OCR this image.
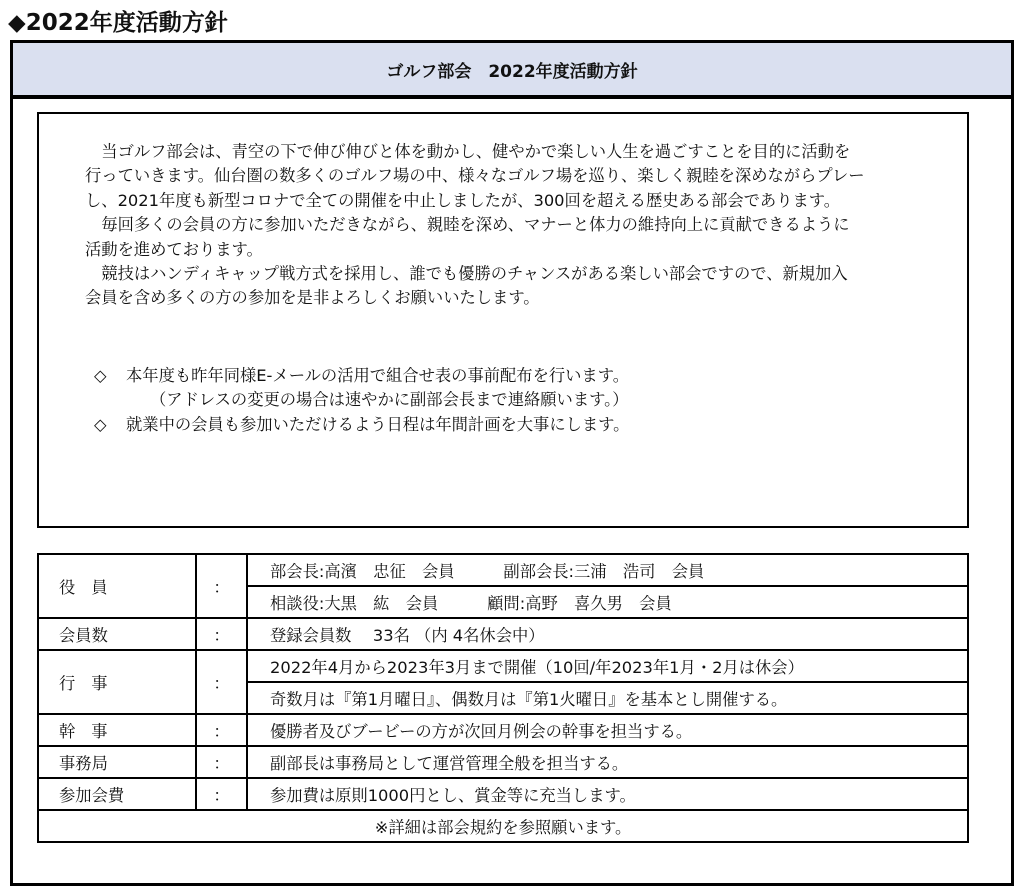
◆2022年度活動方針
ゴルフ部会　2022年度活動方針

　当ゴルフ部会は、青空の下で伸び伸びと体を動かし、健やかで楽しい人生を過ごすことを目的に活動を

行っていきます。仙台圏の数多くのゴルフ場の中、様々なゴルフ場を巡り、楽しく親睦を深めながらプレー

し、2021年度も新型コロナで全ての開催を中止しましたが、300回を超える歴史ある部会であります。

　毎回多くの会員の方に参加いただきながら、親睦を深め、マナーと体力の維持向上に貢献できるように

活動を進めております。

　競技はハンディキャップ戦方式を採用し、誰でも優勝のチャンスがある楽しい部会ですので、新規加入

会員を含め多くの方の参加を是非よろしくお願いいたします。

◇ 本年度も昨年同様E-メールの活用で組合せ表の事前配布を行います。
（アドレスの変更の場合は速やかに副部会長まで連絡願います。）
◇ 就業中の会員も参加いただけるよう日程は年間計画を大事にします。
役員	：	部会長:高濱　忠征　会員　　　副部会長:三浦　浩司　会員
		相談役:大黒　紘　会員　　　顧問:高野　喜久男　会員
会員数	：	登録会員数　 33名 （内 4名休会中）
行事	：	2022年4月から2023年3月まで開催（10回/年2023年1月・2月は休会）
		奇数月は『第1月曜日』、偶数月は『第1火曜日』を基本とし開催する。
幹事	：	優勝者及びブービーの方が次回月例会の幹事を担当する。
事務局	：	副部長は事務局として運営管理全般を担当する。
参加会費	：	参加費は原則1000円とし、賞金等に充当します。
※詳細は部会規約を参照願います。		
